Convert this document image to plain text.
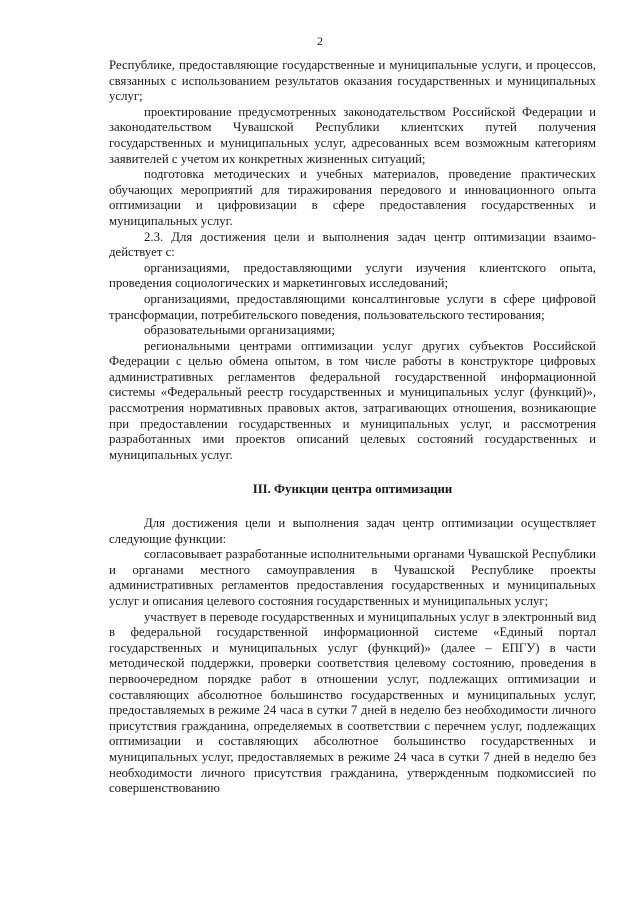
2

Республике, предоставляющие государственные и муниципальные услуги, и процессов, связанных с использованием результатов оказания государственных и муниципальных услуг;

проектирование предусмотренных законодательством Российской Федерации и законодательством Чувашской Республики клиентских путей получения государственных и муниципальных услуг, адресованных всем возможным категориям заявителей с учетом их конкретных жизненных ситуаций;

подготовка методических и учебных материалов, проведение практических обучающих мероприятий для тиражирования передового и инновационного опыта оптимизации и цифровизации в сфере предоставления государственных и муниципальных услуг.

2.3. Для достижения цели и выполнения задач центр оптимизации взаимодействует с:

организациями, предоставляющими услуги изучения клиентского опыта, проведения социологических и маркетинговых исследований;

организациями, предоставляющими консалтинговые услуги в сфере цифровой трансформации, потребительского поведения, пользовательского тестирования;

образовательными организациями;

региональными центрами оптимизации услуг других субъектов Российской Федерации с целью обмена опытом, в том числе работы в конструкторе цифровых административных регламентов федеральной государственной информационной системы «Федеральный реестр государственных и муниципальных услуг (функций)», рассмотрения нормативных правовых актов, затрагивающих отношения, возникающие при предоставлении государственных и муниципальных услуг, и рассмотрения разработанных ими проектов описаний целевых состояний государственных и муниципальных услуг.

III. Функции центра оптимизации

Для достижения цели и выполнения задач центр оптимизации осуществляет следующие функции:

согласовывает разработанные исполнительными органами Чувашской Республики и органами местного самоуправления в Чувашской Республике проекты административных регламентов предоставления государственных и муниципальных услуг и описания целевого состояния государственных и муниципальных услуг;

участвует в переводе государственных и муниципальных услуг в электронный вид в федеральной государственной информационной системе «Единый портал государственных и муниципальных услуг (функций)» (далее – ЕПГУ) в части методической поддержки, проверки соответствия целевому состоянию, проведения в первоочередном порядке работ в отношении услуг, подлежащих оптимизации и составляющих абсолютное большинство государственных и муниципальных услуг, предоставляемых в режиме 24 часа в сутки 7 дней в неделю без необходимости личного присутствия гражданина, определяемых в соответствии с перечнем услуг, подлежащих оптимизации и составляющих абсолютное большинство государственных и муниципальных услуг, предоставляемых в режиме 24 часа в сутки 7 дней в неделю без необходимости личного присутствия гражданина, утвержденным подкомиссией по совершенствованию
